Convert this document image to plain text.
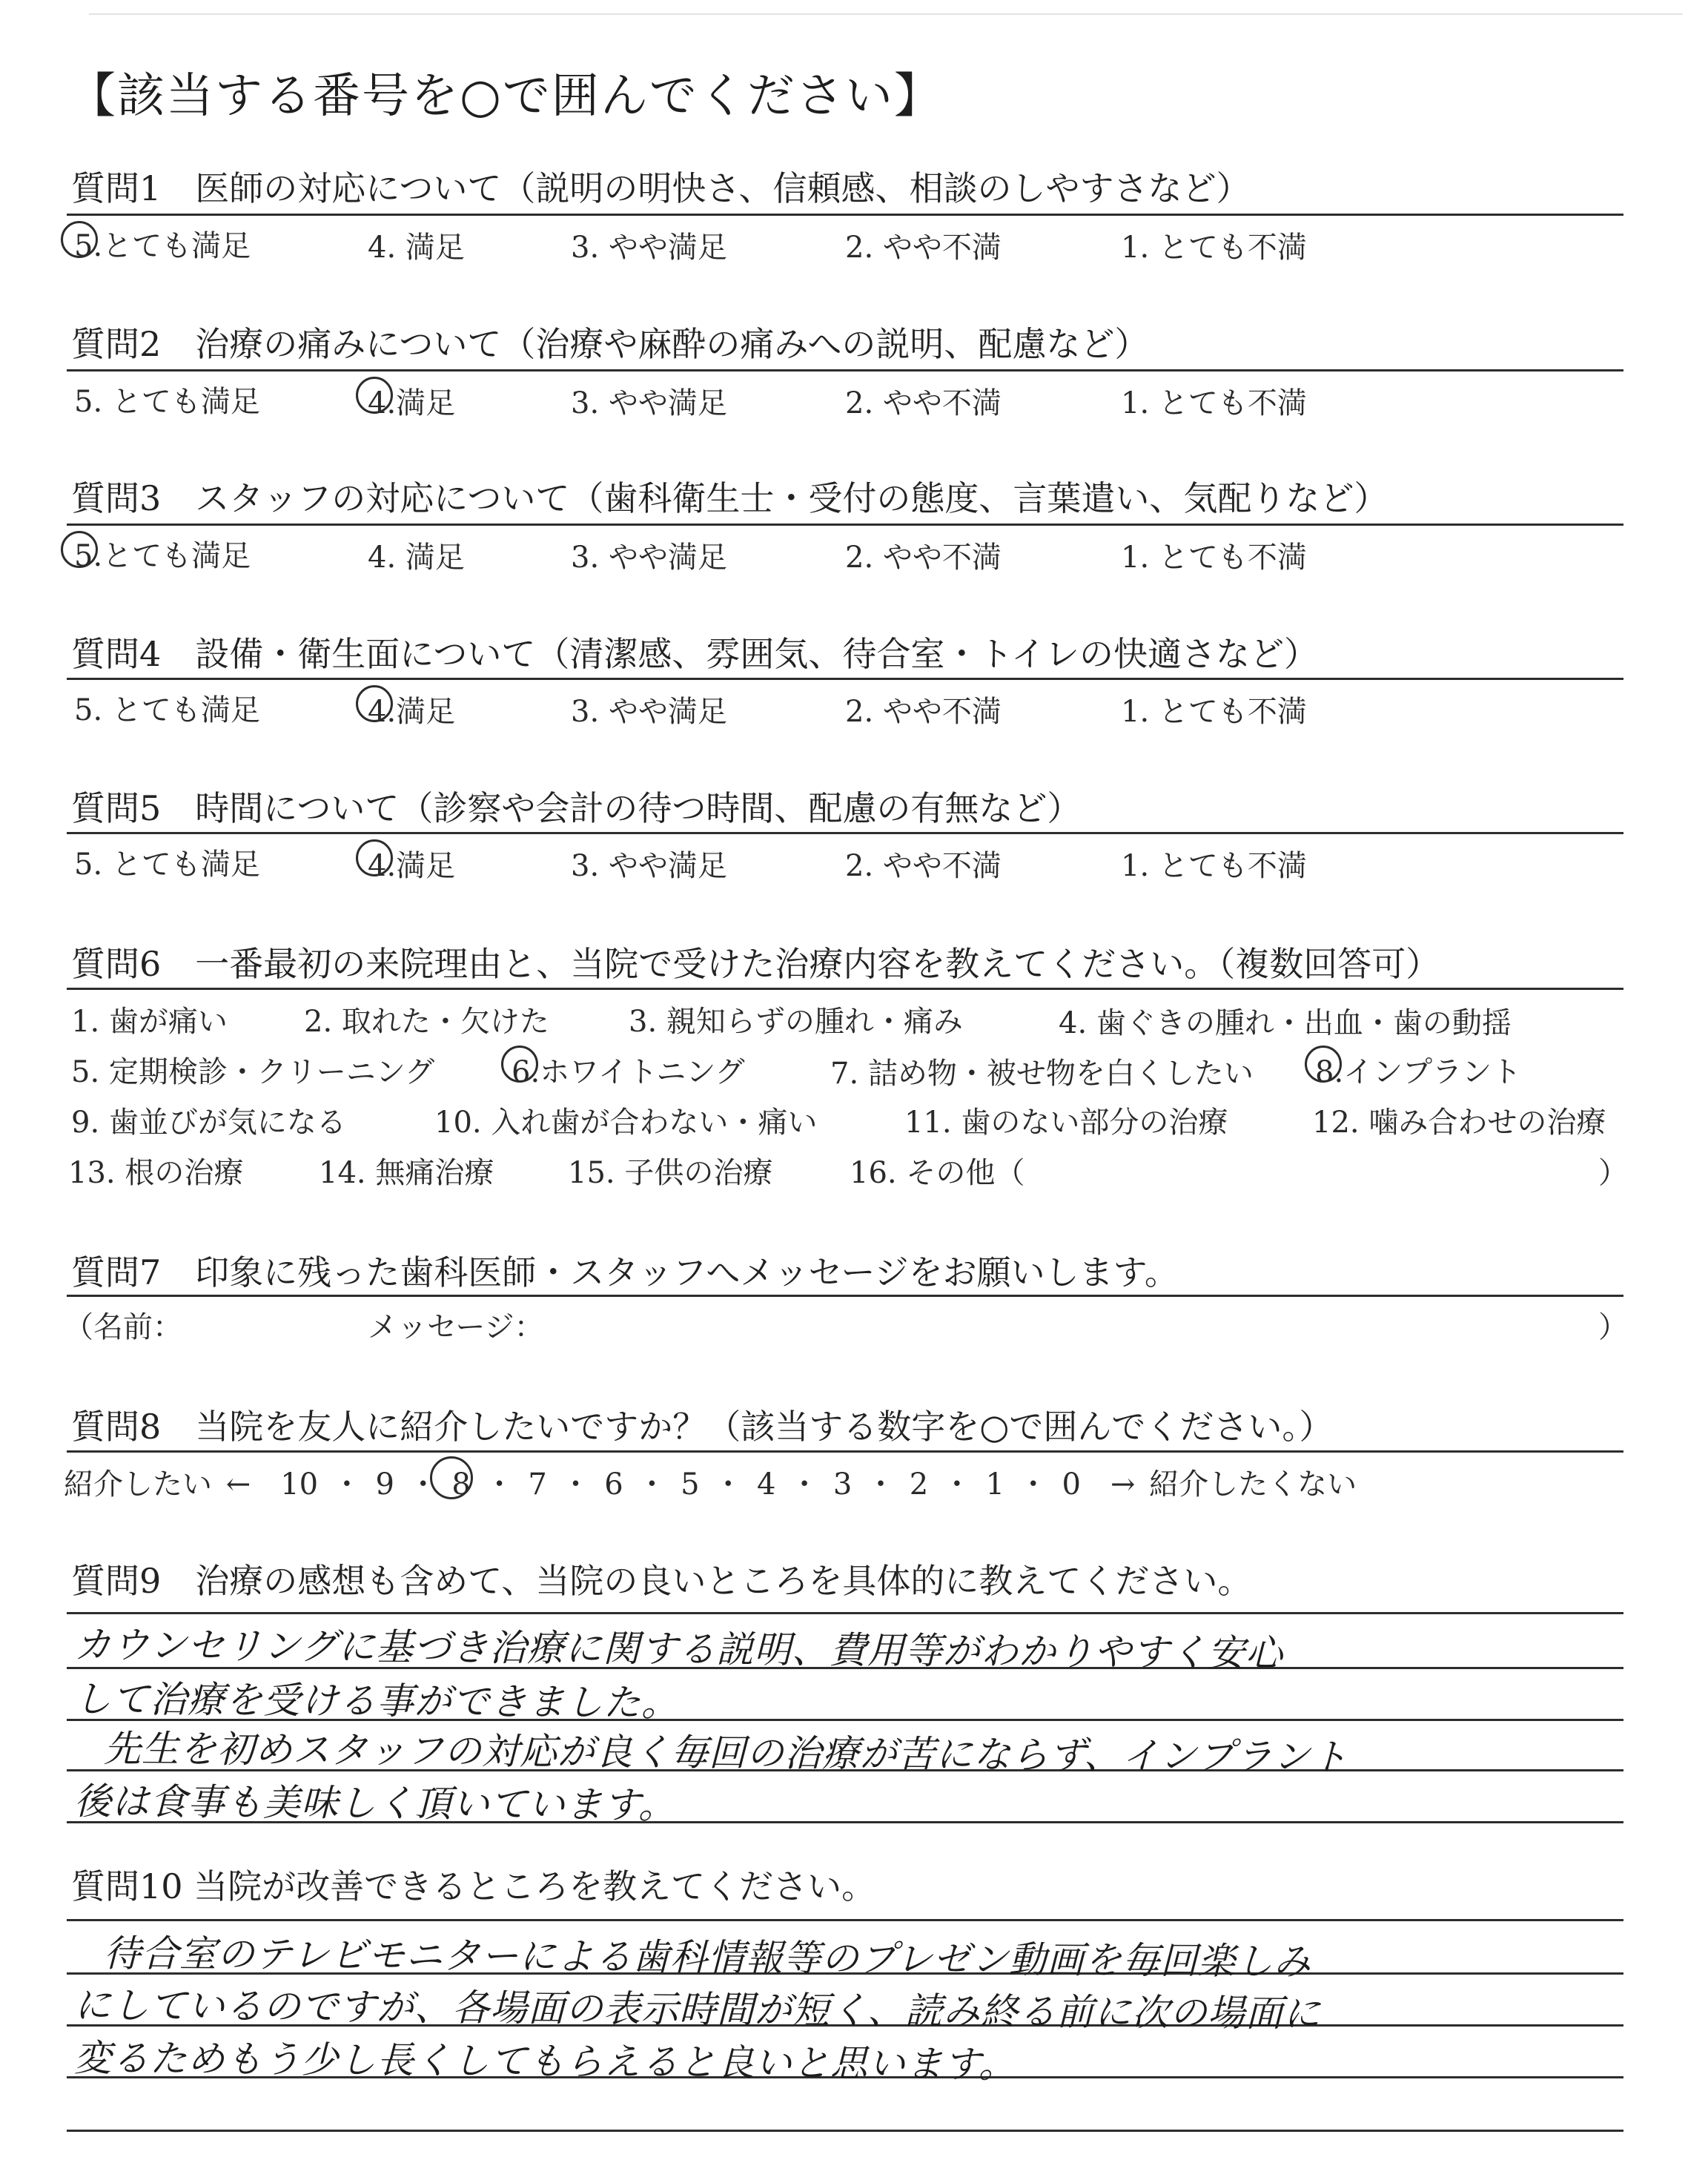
【該当する番号を○で囲んでください】
質問1　医師の対応について（説明の明快さ、信頼感、相談のしやすさなど）
5.とても満足	4. 満足	3. やや満足	2. やや不満	1. とても不満
質問2　治療の痛みについて（治療や麻酔の痛みへの説明、配慮など）
5. とても満足	4.満足	3. やや満足	2. やや不満	1. とても不満
質問3　スタッフの対応について（歯科衛生士・受付の態度、言葉遣い、気配りなど）
5.とても満足	4. 満足	3. やや満足	2. やや不満	1. とても不満
質問4　設備・衛生面について（清潔感、雰囲気、待合室・トイレの快適さなど）
5. とても満足	4.満足	3. やや満足	2. やや不満	1. とても不満
質問5　時間について（診察や会計の待つ時間、配慮の有無など）
5. とても満足	4.満足	3. やや満足	2. やや不満	1. とても不満
質問6　一番最初の来院理由と、当院で受けた治療内容を教えてください。（複数回答可）
1. 歯が痛い	2. 取れた・欠けた	3. 親知らずの腫れ・痛み	4. 歯ぐきの腫れ・出血・歯の動揺
5. 定期検診・クリーニング	6.ホワイトニング	7. 詰め物・被せ物を白くしたい 8.インプラント
9. 歯並びが気になる	10. 入れ歯が合わない・痛い	11. 歯のない部分の治療	12. 噛み合わせの治療
13. 根の治療	14. 無痛治療 15. 子供の治療	16. その他（	）
質問7　印象に残った歯科医師・スタッフへメッセージをお願いします。
（名前：	メッセージ：	）
質問8　当院を友人に紹介したいですか？（該当する数字を○で囲んでください。）
紹介したい ←　10 ・ 9 ・ 8 ・ 7 ・ 6 ・ 5 ・ 4 ・ 3 ・ 2 ・ 1 ・ 0　→ 紹介したくない
質問9　治療の感想も含めて、当院の良いところを具体的に教えてください。
カウンセリングに基づき治療に関する説明、費用等がわかりやすく安心
して治療を受ける事ができました。
先生を初めスタッフの対応が良く毎回の治療が苦にならず、インプラント
後は食事も美味しく頂いています。
質問10 当院が改善できるところを教えてください。
待合室のテレビモニターによる歯科情報等のプレゼン動画を毎回楽しみ
にしているのですが、各場面の表示時間が短く、読み終る前に次の場面に
変るためもう少し長くしてもらえると良いと思います。
